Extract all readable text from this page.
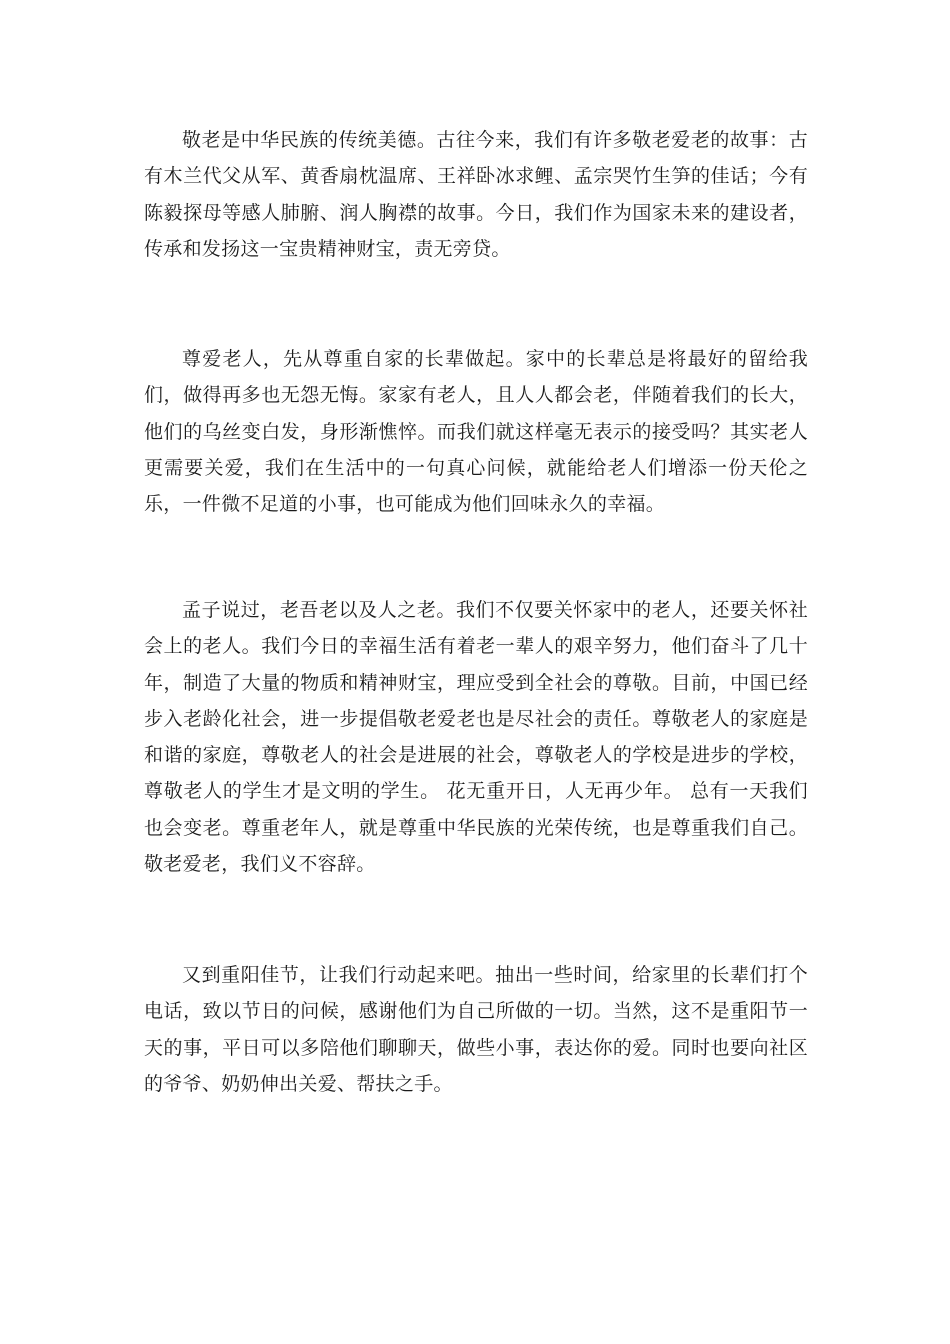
敬老是中华民族的传统美德。古往今来，我们有许多敬老爱老的故事：古有木兰代父从军、黄香扇枕温席、王祥卧冰求鲤、孟宗哭竹生笋的佳话；今有陈毅探母等感人肺腑、润人胸襟的故事。今日，我们作为国家未来的建设者，传承和发扬这一宝贵精神财宝，责无旁贷。

尊爱老人，先从尊重自家的长辈做起。家中的长辈总是将最好的留给我们，做得再多也无怨无悔。家家有老人，且人人都会老，伴随着我们的长大，他们的乌丝变白发，身形渐憔悴。而我们就这样毫无表示的接受吗？其实老人更需要关爱，我们在生活中的一句真心问候，就能给老人们增添一份天伦之乐，一件微不足道的小事，也可能成为他们回味永久的幸福。

孟子说过，老吾老以及人之老。我们不仅要关怀家中的老人，还要关怀社会上的老人。我们今日的幸福生活有着老一辈人的艰辛努力，他们奋斗了几十年，制造了大量的物质和精神财宝，理应受到全社会的尊敬。目前，中国已经步入老龄化社会，进一步提倡敬老爱老也是尽社会的责任。尊敬老人的家庭是和谐的家庭，尊敬老人的社会是进展的社会，尊敬老人的学校是进步的学校，尊敬老人的学生才是文明的学生。 花无重开日，人无再少年。 总有一天我们也会变老。尊重老年人，就是尊重中华民族的光荣传统，也是尊重我们自己。敬老爱老，我们义不容辞。

又到重阳佳节，让我们行动起来吧。抽出一些时间，给家里的长辈们打个电话，致以节日的问候，感谢他们为自己所做的一切。当然，这不是重阳节一天的事，平日可以多陪他们聊聊天，做些小事，表达你的爱。同时也要向社区的爷爷、奶奶伸出关爱、帮扶之手。
